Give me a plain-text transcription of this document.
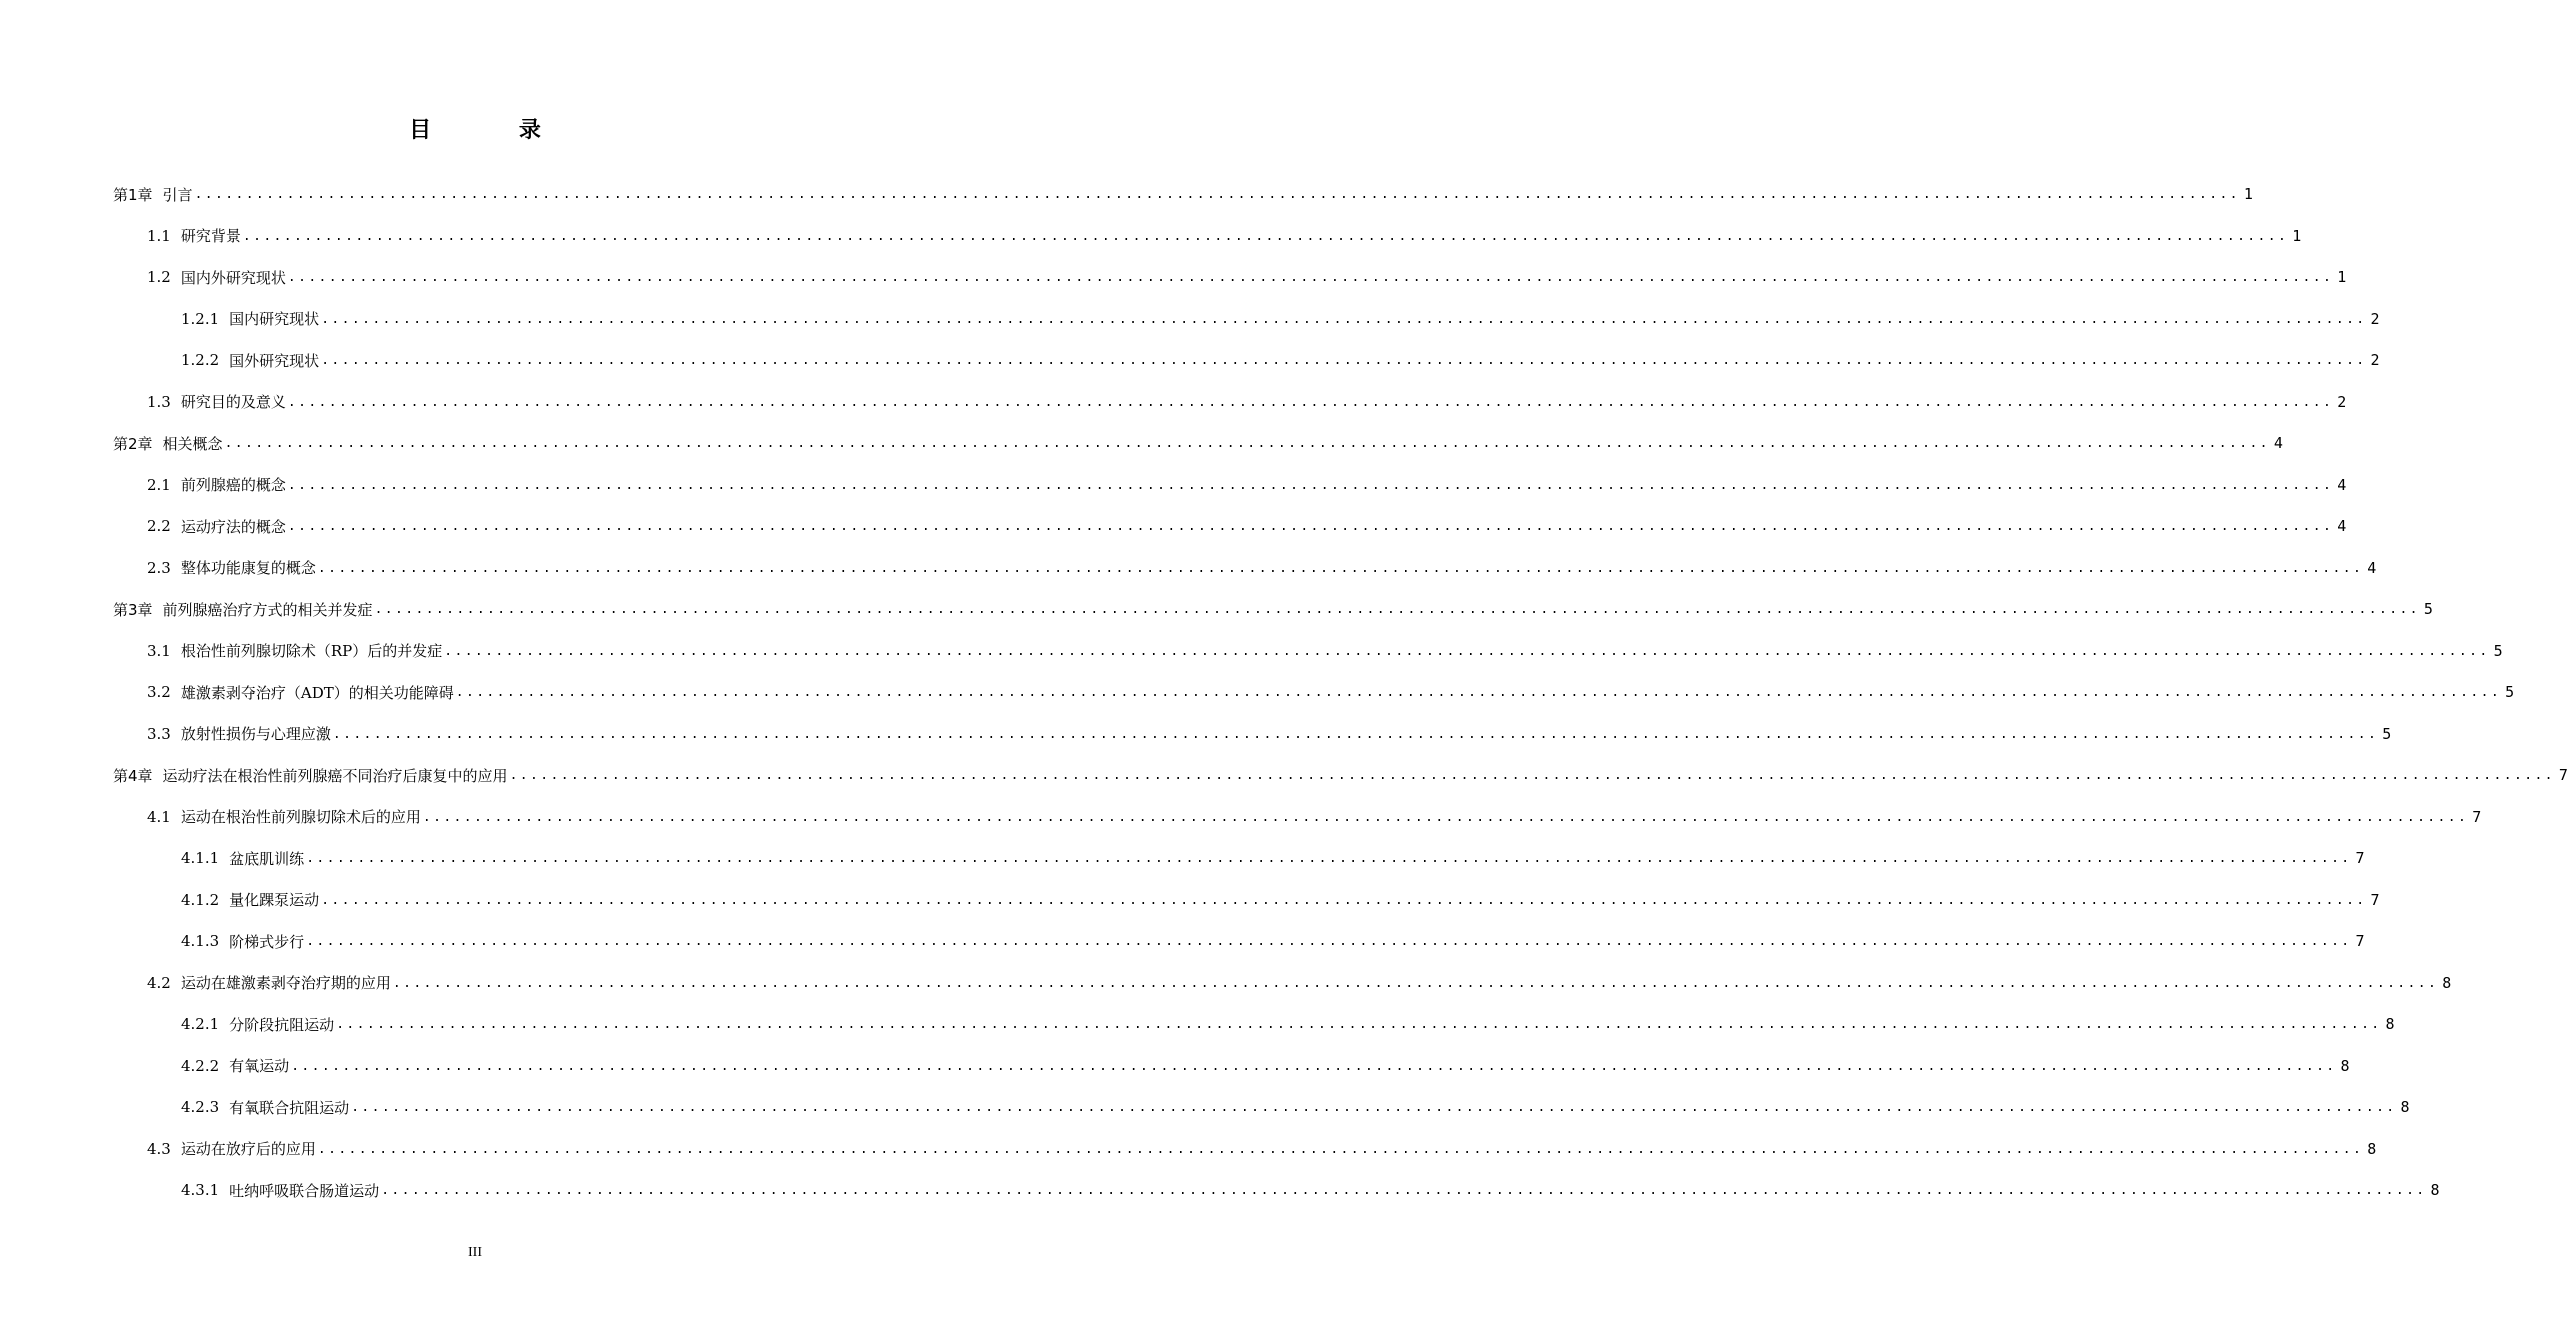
目 录
第1章 引言 ........................................................................................................................................................................................................ 1
1.1 研究背景 ........................................................................................................................................................................................................ 1
1.2 国内外研究现状 ........................................................................................................................................................................................................ 1
1.2.1 国内研究现状 ........................................................................................................................................................................................................ 2
1.2.2 国外研究现状 ........................................................................................................................................................................................................ 2
1.3 研究目的及意义 ........................................................................................................................................................................................................ 2
第2章 相关概念 ........................................................................................................................................................................................................ 4
2.1 前列腺癌的概念 ........................................................................................................................................................................................................ 4
2.2 运动疗法的概念 ........................................................................................................................................................................................................ 4
2.3 整体功能康复的概念 ........................................................................................................................................................................................................ 4
第3章 前列腺癌治疗方式的相关并发症 ........................................................................................................................................................................................................ 5
3.1 根治性前列腺切除术（RP）后的并发症 ........................................................................................................................................................................................................ 5
3.2 雄激素剥夺治疗（ADT）的相关功能障碍 ........................................................................................................................................................................................................ 5
3.3 放射性损伤与心理应激 ........................................................................................................................................................................................................ 5
第4章 运动疗法在根治性前列腺癌不同治疗后康复中的应用 ........................................................................................................................................................................................................ 7
4.1 运动在根治性前列腺切除术后的应用 ........................................................................................................................................................................................................ 7
4.1.1 盆底肌训练 ........................................................................................................................................................................................................ 7
4.1.2 量化踝泵运动 ........................................................................................................................................................................................................ 7
4.1.3 阶梯式步行 ........................................................................................................................................................................................................ 7
4.2 运动在雄激素剥夺治疗期的应用 ........................................................................................................................................................................................................ 8
4.2.1 分阶段抗阻运动 ........................................................................................................................................................................................................ 8
4.2.2 有氧运动 ........................................................................................................................................................................................................ 8
4.2.3 有氧联合抗阻运动 ........................................................................................................................................................................................................ 8
4.3 运动在放疗后的应用 ........................................................................................................................................................................................................ 8
4.3.1 吐纳呼吸联合肠道运动 ........................................................................................................................................................................................................ 8
III
